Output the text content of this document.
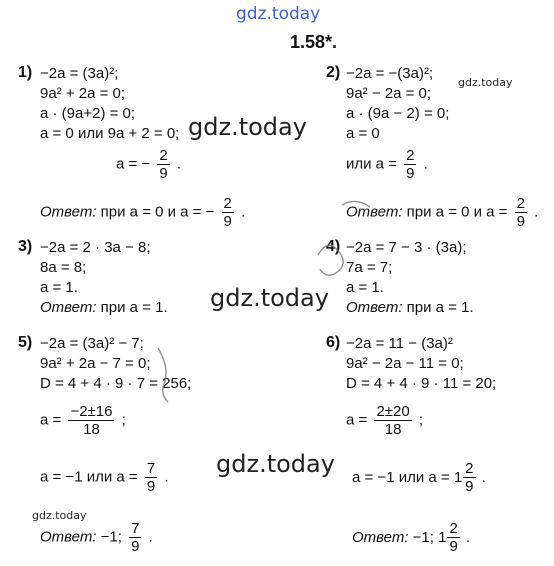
gdz.today
gdz.today
gdz.today
gdz.today
gdz.today
gdz.today
1.58*.
1) −2a = (3a)²;
9a² + 2a = 0;
a · (9a+2) = 0;
a = 0 или 9a + 2 = 0;
a = − $\frac{2}{9}$ .
Ответ: при a = 0 и a = − $\frac{2}{9}$ .
2) −2a = −(3a)²;
9a² − 2a = 0;
a · (9a − 2) = 0;
a = 0
или $a = \frac{2}{9}$ .
Ответ: при a = 0 и $a = \frac{2}{9}$ .
3) −2a = 2 · 3a − 8;
8a = 8;
a = 1.
Ответ: при a = 1.
4) −2a = 7 − 3 · (3a);
7a = 7;
a = 1.
Ответ: при a = 1.
5) −2a = (3a)² − 7;
9a² + 2a − 7 = 0;
D = 4 + 4 · 9 · 7 = 256;
$a = \frac{-2\pm 16}{18}$ ;
a = −1 или $a = \frac{7}{9}$ .
Ответ: −1; $\frac{7}{9}$ .
6) −2a = 11 − (3a)²
9a² − 2a − 11 = 0;
D = 4 + 4 · 9 · 11 = 20;
$a = \frac{2\pm 20}{18}$ ;
a = −1 или $a = 1 \frac{2}{9}$ .
Ответ: −1; $1 \frac{2}{9}$ .
